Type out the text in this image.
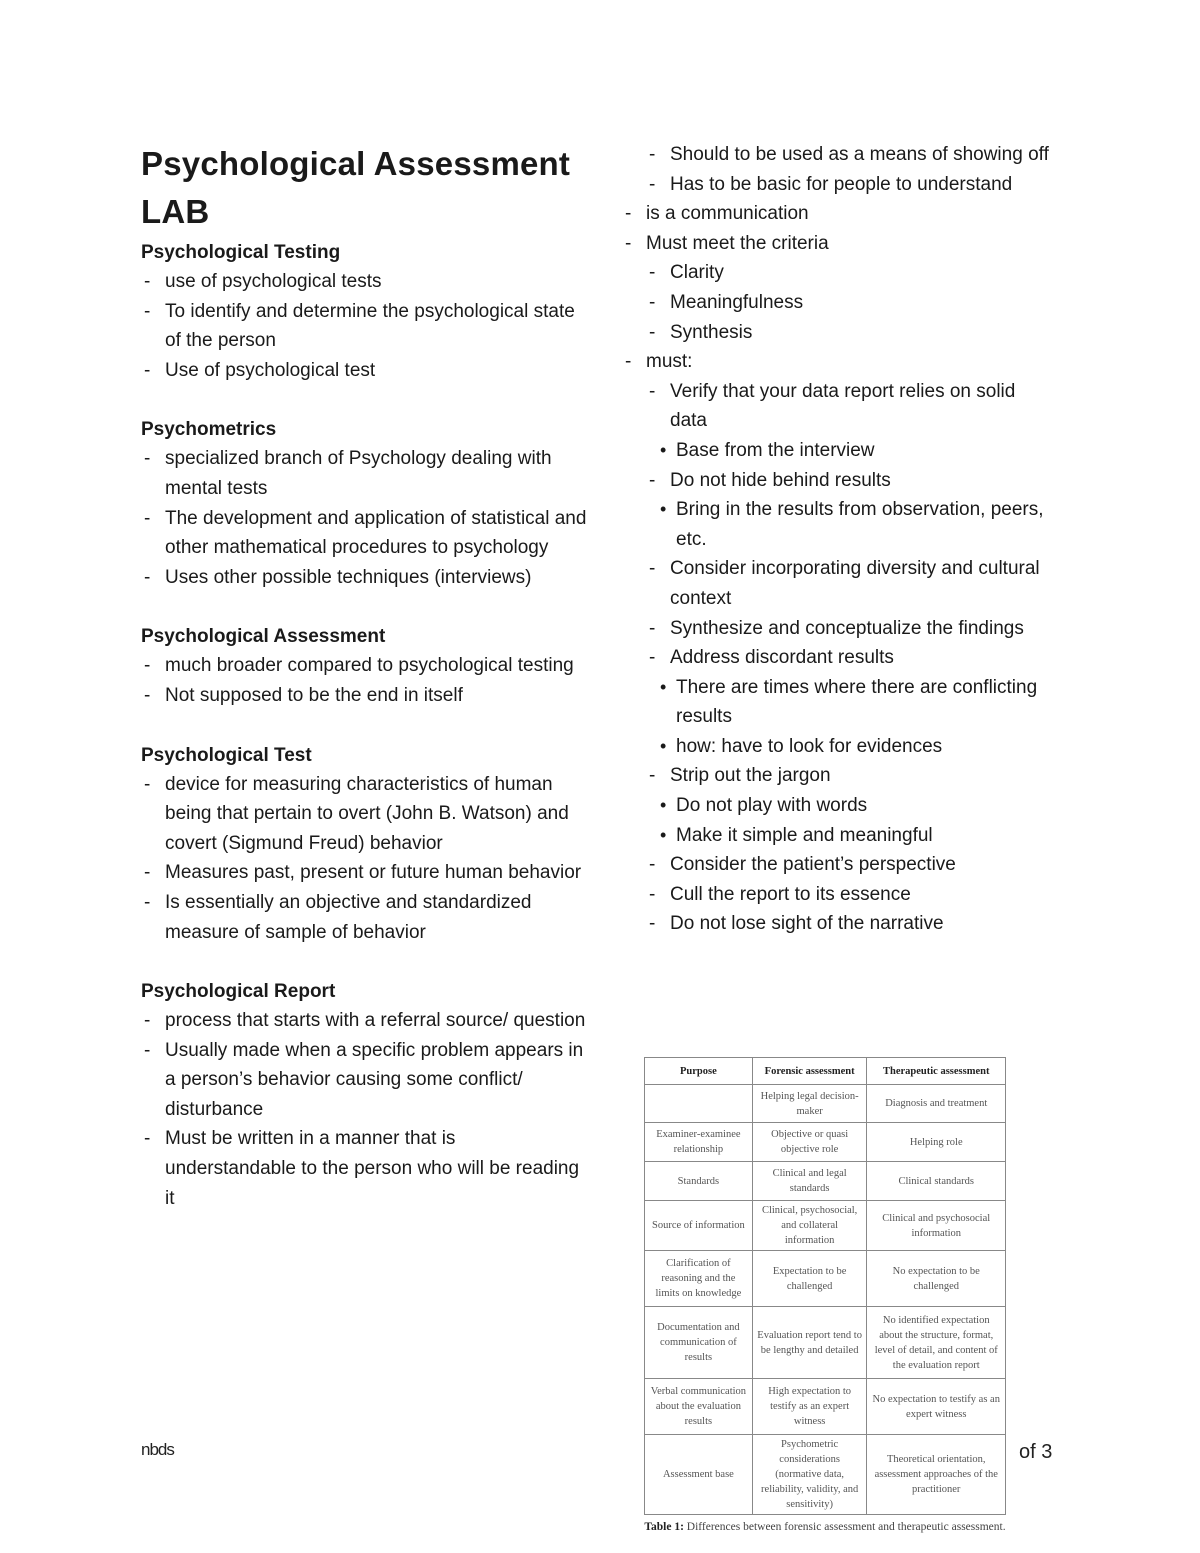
Psychological Assessment LAB
Psychological Testing
- use of psychological tests
- To identify and determine the psychological state of the person
- Use of psychological test
Psychometrics
- specialized branch of Psychology dealing with mental tests
- The development and application of statistical and other mathematical procedures to psychology
- Uses other possible techniques (interviews)
Psychological Assessment
- much broader compared to psychological testing
- Not supposed to be the end in itself
Psychological Test
- device for measuring characteristics of human being that pertain to overt (John B. Watson) and covert (Sigmund Freud) behavior
- Measures past, present or future human behavior
- Is essentially an objective and standardized measure of sample of behavior
Psychological Report
- process that starts with a referral source/ question
- Usually made when a specific problem appears in a person’s behavior causing some conflict/ disturbance
- Must be written in a manner that is understandable to the person who will be reading it
- Should to be used as a means of showing off
- Has to be basic for people to understand
- is a communication
- Must meet the criteria
- Clarity
- Meaningfulness
- Synthesis
- must:
- Verify that your data report relies on solid data
• Base from the interview
- Do not hide behind results
• Bring in the results from observation, peers, etc.
- Consider incorporating diversity and cultural context
- Synthesize and conceptualize the findings
- Address discordant results
• There are times where there are conflicting results
• how: have to look for evidences
- Strip out the jargon
• Do not play with words
• Make it simple and meaningful
- Consider the patient’s perspective
- Cull the report to its essence
- Do not lose sight of the narrative
Purpose	Forensic assessment	Therapeutic assessment
	Helping legal decision-maker	Diagnosis and treatment
Examiner-examinee relationship	Objective or quasi objective role	Helping role
Standards	Clinical and legal standards	Clinical standards
Source of information	Clinical, psychosocial, and collateral information	Clinical and psychosocial information
Clarification of reasoning and the limits on knowledge	Expectation to be challenged	No expectation to be challenged
Documentation and communication of results	Evaluation report tend to be lengthy and detailed	No identified expectation about the structure, format, level of detail, and content of the evaluation report
Verbal communication about the evaluation results	High expectation to testify as an expert witness	No expectation to testify as an expert witness
Assessment base	Psychometric considerations (normative data, reliability, validity, and sensitivity)	Theoretical orientation, assessment approaches of the practitioner
Table 1: Differences between forensic assessment and therapeutic assessment.
nbds	of 3
